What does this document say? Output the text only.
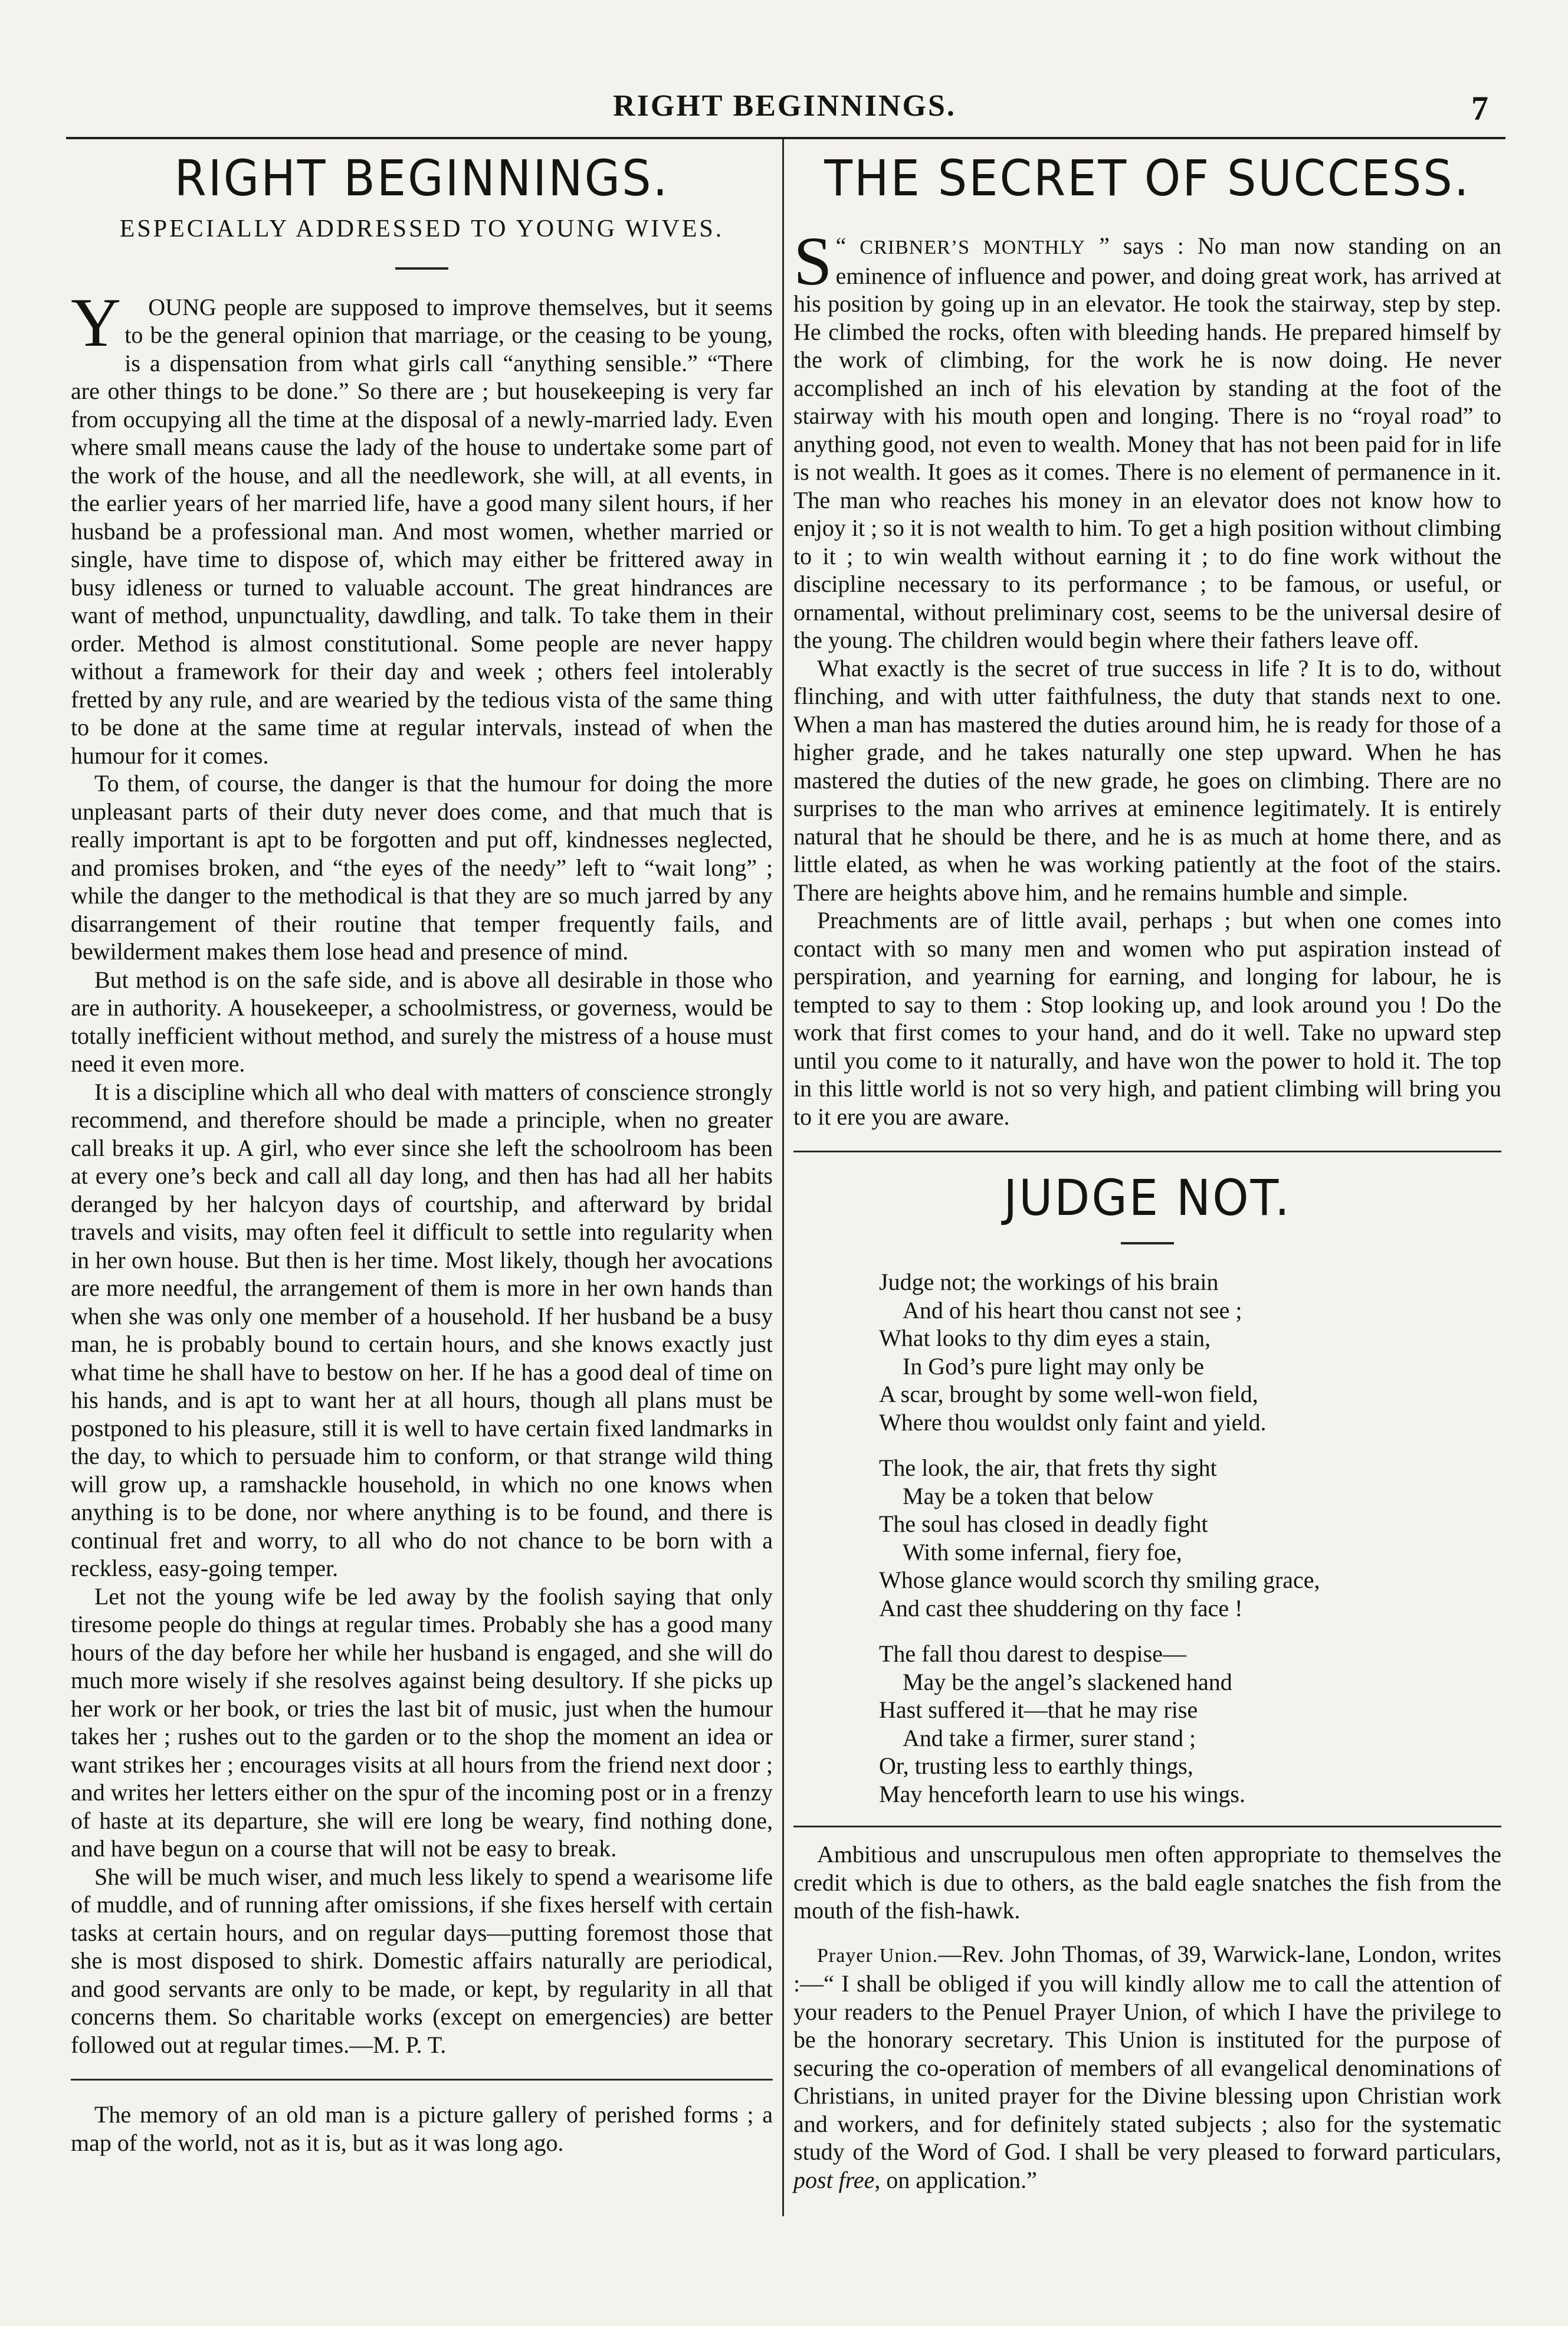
RIGHT BEGINNINGS.	7
RIGHT BEGINNINGS.
ESPECIALLY ADDRESSED TO YOUNG WIVES.

Y OUNG people are supposed to improve themselves, but it seems to be the general opinion that marriage, or the ceasing to be young, is a dispensation from what girls call “anything sensible.” “There are other things to be done.” So there are ; but housekeeping is very far from occupying all the time at the disposal of a newly-married lady. Even where small means cause the lady of the house to undertake some part of the work of the house, and all the needlework, she will, at all events, in the earlier years of her married life, have a good many silent hours, if her husband be a professional man. And most women, whether married or single, have time to dispose of, which may either be frittered away in busy idleness or turned to valuable account. The great hindrances are want of method, unpunctuality, dawdling, and talk. To take them in their order. Method is almost constitutional. Some people are never happy without a framework for their day and week ; others feel intolerably fretted by any rule, and are wearied by the tedious vista of the same thing to be done at the same time at regular intervals, instead of when the humour for it comes.

To them, of course, the danger is that the humour for doing the more unpleasant parts of their duty never does come, and that much that is really important is apt to be forgotten and put off, kindnesses neglected, and promises broken, and “the eyes of the needy” left to “wait long” ; while the danger to the methodical is that they are so much jarred by any disarrangement of their routine that temper frequently fails, and bewilderment makes them lose head and presence of mind.

But method is on the safe side, and is above all desirable in those who are in authority. A housekeeper, a schoolmistress, or governess, would be totally inefficient without method, and surely the mistress of a house must need it even more.

It is a discipline which all who deal with matters of conscience strongly recommend, and therefore should be made a principle, when no greater call breaks it up. A girl, who ever since she left the schoolroom has been at every one’s beck and call all day long, and then has had all her habits deranged by her halcyon days of courtship, and afterward by bridal travels and visits, may often feel it difficult to settle into regularity when in her own house. But then is her time. Most likely, though her avocations are more needful, the arrangement of them is more in her own hands than when she was only one member of a household. If her husband be a busy man, he is probably bound to certain hours, and she knows exactly just what time he shall have to bestow on her. If he has a good deal of time on his hands, and is apt to want her at all hours, though all plans must be postponed to his pleasure, still it is well to have certain fixed landmarks in the day, to which to persuade him to conform, or that strange wild thing will grow up, a ramshackle household, in which no one knows when anything is to be done, nor where anything is to be found, and there is continual fret and worry, to all who do not chance to be born with a reckless, easy-going temper.

Let not the young wife be led away by the foolish saying that only tiresome people do things at regular times. Probably she has a good many hours of the day before her while her husband is engaged, and she will do much more wisely if she resolves against being desultory. If she picks up her work or her book, or tries the last bit of music, just when the humour takes her ; rushes out to the garden or to the shop the moment an idea or want strikes her ; encourages visits at all hours from the friend next door ; and writes her letters either on the spur of the incoming post or in a frenzy of haste at its departure, she will ere long be weary, find nothing done, and have begun on a course that will not be easy to break.

She will be much wiser, and much less likely to spend a wearisome life of muddle, and of running after omissions, if she fixes herself with certain tasks at certain hours, and on regular days—putting foremost those that she is most disposed to shirk. Domestic affairs naturally are periodical, and good servants are only to be made, or kept, by regularity in all that concerns them. So charitable works (except on emergencies) are better followed out at regular times.—M. P. T.

The memory of an old man is a picture gallery of perished forms ; a map of the world, not as it is, but as it was long ago.

THE SECRET OF SUCCESS.

“
S CRIBNER’S MONTHLY ” says : No man now standing on an eminence of influence and power, and doing great work, has arrived at his position by going up in an elevator. He took the stairway, step by step. He climbed the rocks, often with bleeding hands. He prepared himself by the work of climbing, for the work he is now doing. He never accomplished an inch of his elevation by standing at the foot of the stairway with his mouth open and longing. There is no “royal road” to anything good, not even to wealth. Money that has not been paid for in life is not wealth. It goes as it comes. There is no element of permanence in it. The man who reaches his money in an elevator does not know how to enjoy it ; so it is not wealth to him. To get a high position without climbing to it ; to win wealth without earning it ; to do fine work without the discipline necessary to its performance ; to be famous, or useful, or ornamental, without preliminary cost, seems to be the universal desire of the young. The children would begin where their fathers leave off.

What exactly is the secret of true success in life ? It is to do, without flinching, and with utter faithfulness, the duty that stands next to one. When a man has mastered the duties around him, he is ready for those of a higher grade, and he takes naturally one step upward. When he has mastered the duties of the new grade, he goes on climbing. There are no surprises to the man who arrives at eminence legitimately. It is entirely natural that he should be there, and he is as much at home there, and as little elated, as when he was working patiently at the foot of the stairs. There are heights above him, and he remains humble and simple.

Preachments are of little avail, perhaps ; but when one comes into contact with so many men and women who put aspiration instead of perspiration, and yearning for earning, and longing for labour, he is tempted to say to them : Stop looking up, and look around you ! Do the work that first comes to your hand, and do it well. Take no upward step until you come to it naturally, and have won the power to hold it. The top in this little world is not so very high, and patient climbing will bring you to it ere you are aware.

JUDGE NOT.
Judge not; the workings of his brain
And of his heart thou canst not see ;
What looks to thy dim eyes a stain,
In God’s pure light may only be
A scar, brought by some well-won field,
Where thou wouldst only faint and yield.
The look, the air, that frets thy sight
May be a token that below
The soul has closed in deadly fight
With some infernal, fiery foe,
Whose glance would scorch thy smiling grace,
And cast thee shuddering on thy face !
The fall thou darest to despise—
May be the angel’s slackened hand
Hast suffered it—that he may rise
And take a firmer, surer stand ;
Or, trusting less to earthly things,
May henceforth learn to use his wings.

Ambitious and unscrupulous men often appropriate to themselves the credit which is due to others, as the bald eagle snatches the fish from the mouth of the fish-hawk.

Prayer Union.—Rev. John Thomas, of 39, Warwick-lane, London, writes :—“ I shall be obliged if you will kindly allow me to call the attention of your readers to the Penuel Prayer Union, of which I have the privilege to be the honorary secretary. This Union is instituted for the purpose of securing the co-operation of members of all evangelical denominations of Christians, in united prayer for the Divine blessing upon Christian work and workers, and for definitely stated subjects ; also for the systematic study of the Word of God. I shall be very pleased to forward particulars, post free, on application.”
